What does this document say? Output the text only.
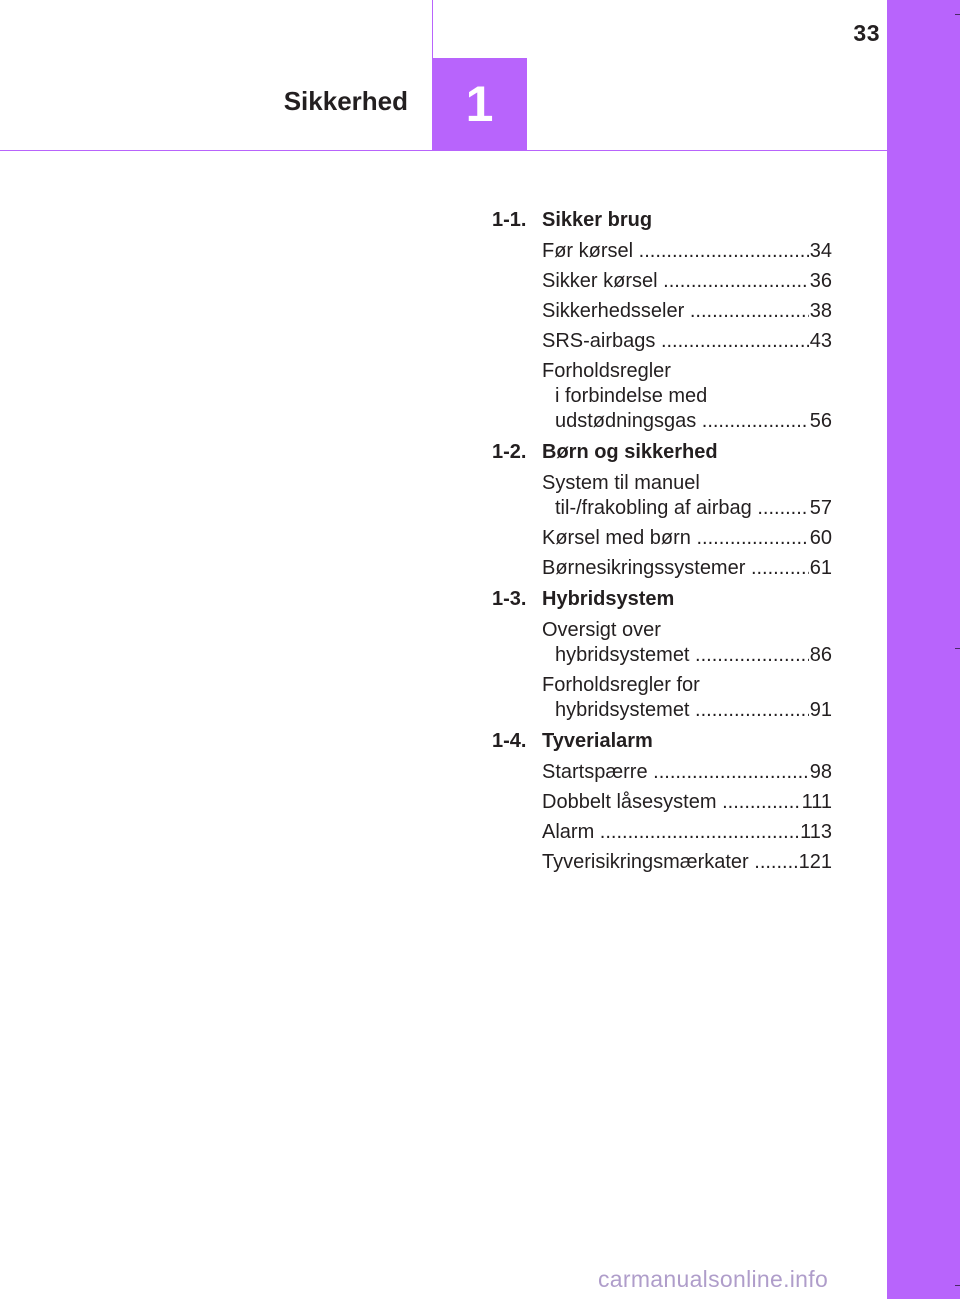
33
Sikkerhed	1
1-1. Sikker brug
Før kørsel .....	34
Sikker kørsel .....	36
Sikkerhedsseler .....	38
SRS-airbags .....	43
Forholdsregler
i forbindelse med
udstødningsgas .....	56
1-2. Børn og sikkerhed
System til manuel
til-/frakobling af airbag .....	57
Kørsel med børn .....	60
Børnesikringssystemer .....	61
1-3. Hybridsystem
Oversigt over
hybridsystemet .....	86
Forholdsregler for
hybridsystemet .....	91
1-4. Tyverialarm
Startspærre .....	98
Dobbelt låsesystem .....	111
Alarm .....	113
Tyverisikringsmærkater .....	121
carmanualsonline.info
